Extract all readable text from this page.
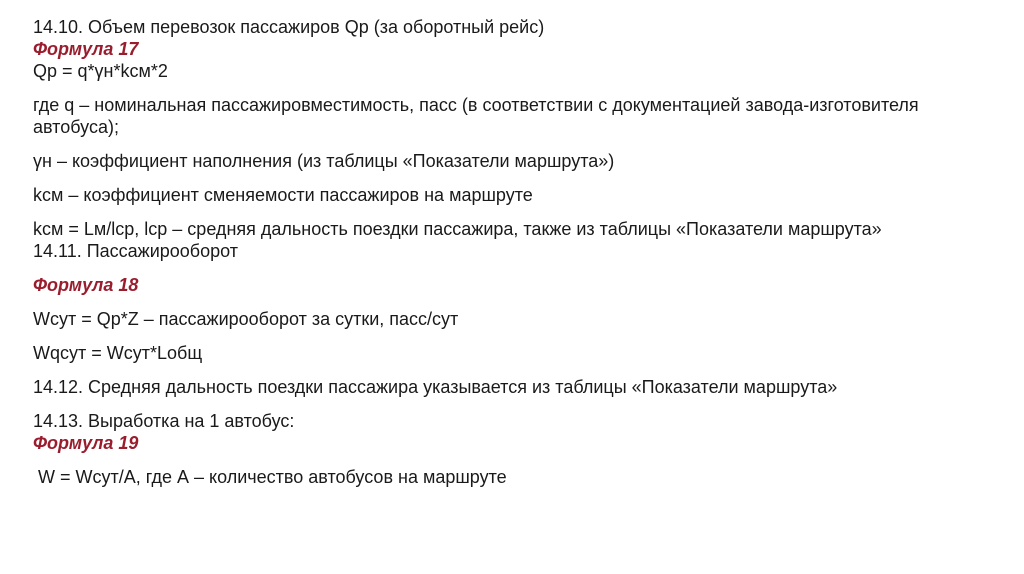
14.10. Объем перевозок пассажиров Qр (за оборотный рейс)
Формула 17
Qр = q*γн*kсм*2
где q – номинальная пассажировместимость, пасс (в соответствии с документацией завода-изготовителя автобуса);
γн – коэффициент наполнения (из таблицы «Показатели маршрута»)
kсм – коэффициент сменяемости пассажиров на маршруте
kсм = Lм/lср, lср – средняя дальность поездки пассажира, также из таблицы «Показатели маршрута»
14.11. Пассажирооборот
Формула 18
Wсут = Qр*Z – пассажирооборот за сутки, пасс/сут
Wqсут = Wсут*Lобщ
14.12. Средняя дальность поездки пассажира указывается из таблицы «Показатели маршрута»
14.13. Выработка на 1 автобус:
Формула 19
W = Wсут/А, где А – количество автобусов на маршруте
